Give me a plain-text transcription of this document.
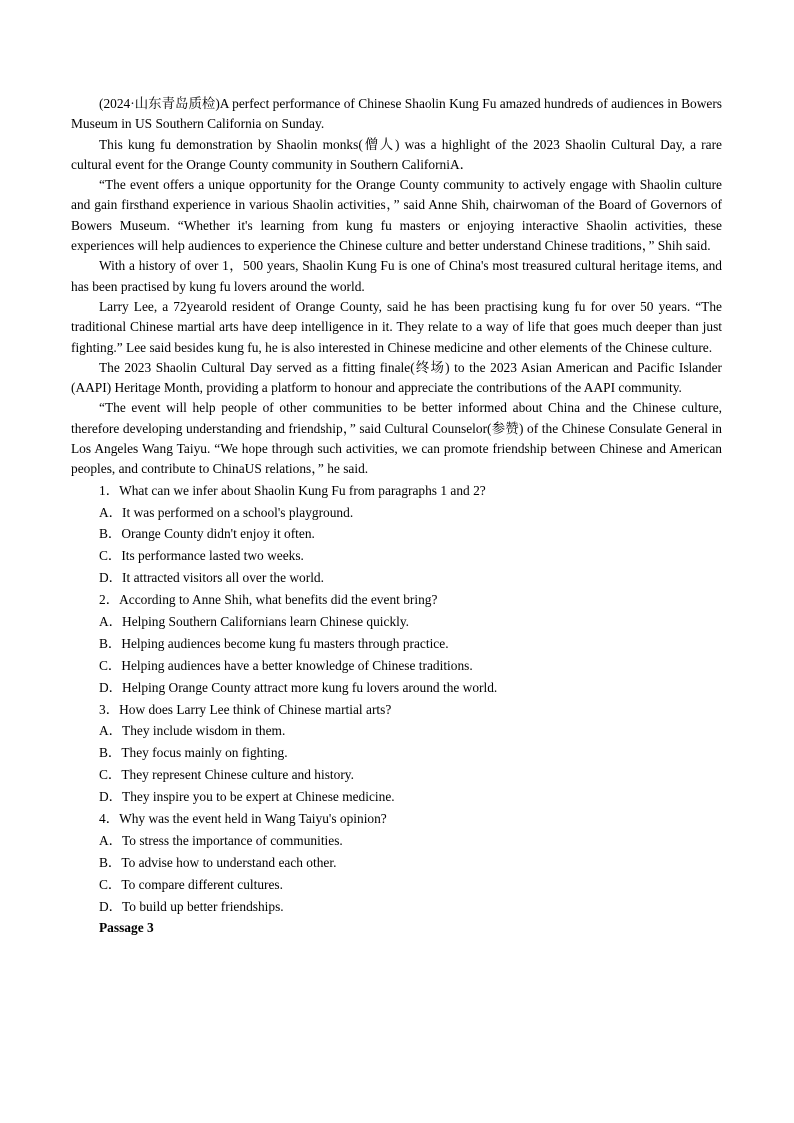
(2024·山东青岛质检)A perfect performance of Chinese Shaolin Kung Fu amazed hundreds of audiences in Bowers Museum in US Southern California on Sunday.

This kung fu demonstration by Shaolin monks(僧人) was a highlight of the 2023 Shaolin Cultural Day, a rare cultural event for the Orange County community in Southern CaliforniA．

“The event offers a unique opportunity for the Orange County community to actively engage with Shaolin culture and gain firsthand experience in various Shaolin activities，” said Anne Shih, chairwoman of the Board of Governors of Bowers Museum. “Whether it's learning from kung fu masters or enjoying interactive Shaolin activities, these experiences will help audiences to experience the Chinese culture and better understand Chinese traditions，” Shih said.

With a history of over 1，500 years, Shaolin Kung Fu is one of China's most treasured cultural heritage items, and has been practised by kung fu lovers around the world.

Larry Lee, a 72yearold resident of Orange County, said he has been practising kung fu for over 50 years. “The traditional Chinese martial arts have deep intelligence in it. They relate to a way of life that goes much deeper than just fighting.” Lee said besides kung fu, he is also interested in Chinese medicine and other elements of the Chinese culture.

The 2023 Shaolin Cultural Day served as a fitting finale(终场) to the 2023 Asian American and Pacific Islander (AAPI) Heritage Month, providing a platform to honour and appreciate the contributions of the AAPI community.

“The event will help people of other communities to be better informed about China and the Chinese culture, therefore developing understanding and friendship，” said Cultural Counselor(参赞) of the Chinese Consulate General in Los Angeles Wang Taiyu. “We hope through such activities, we can promote friendship between Chinese and American peoples, and contribute to ChinaUS relations，” he said.

1．What can we infer about Shaolin Kung Fu from paragraphs 1 and 2?

A．It was performed on a school's playground.

B．Orange County didn't enjoy it often.

C．Its performance lasted two weeks.

D．It attracted visitors all over the world.

2．According to Anne Shih, what benefits did the event bring?

A．Helping Southern Californians learn Chinese quickly.

B．Helping audiences become kung fu masters through practice.

C．Helping audiences have a better knowledge of Chinese traditions.

D．Helping Orange County attract more kung fu lovers around the world.

3．How does Larry Lee think of Chinese martial arts?

A．They include wisdom in them.

B．They focus mainly on fighting.

C．They represent Chinese culture and history.

D．They inspire you to be expert at Chinese medicine.

4．Why was the event held in Wang Taiyu's opinion?

A．To stress the importance of communities.

B．To advise how to understand each other.

C．To compare different cultures.

D．To build up better friendships.

Passage 3
